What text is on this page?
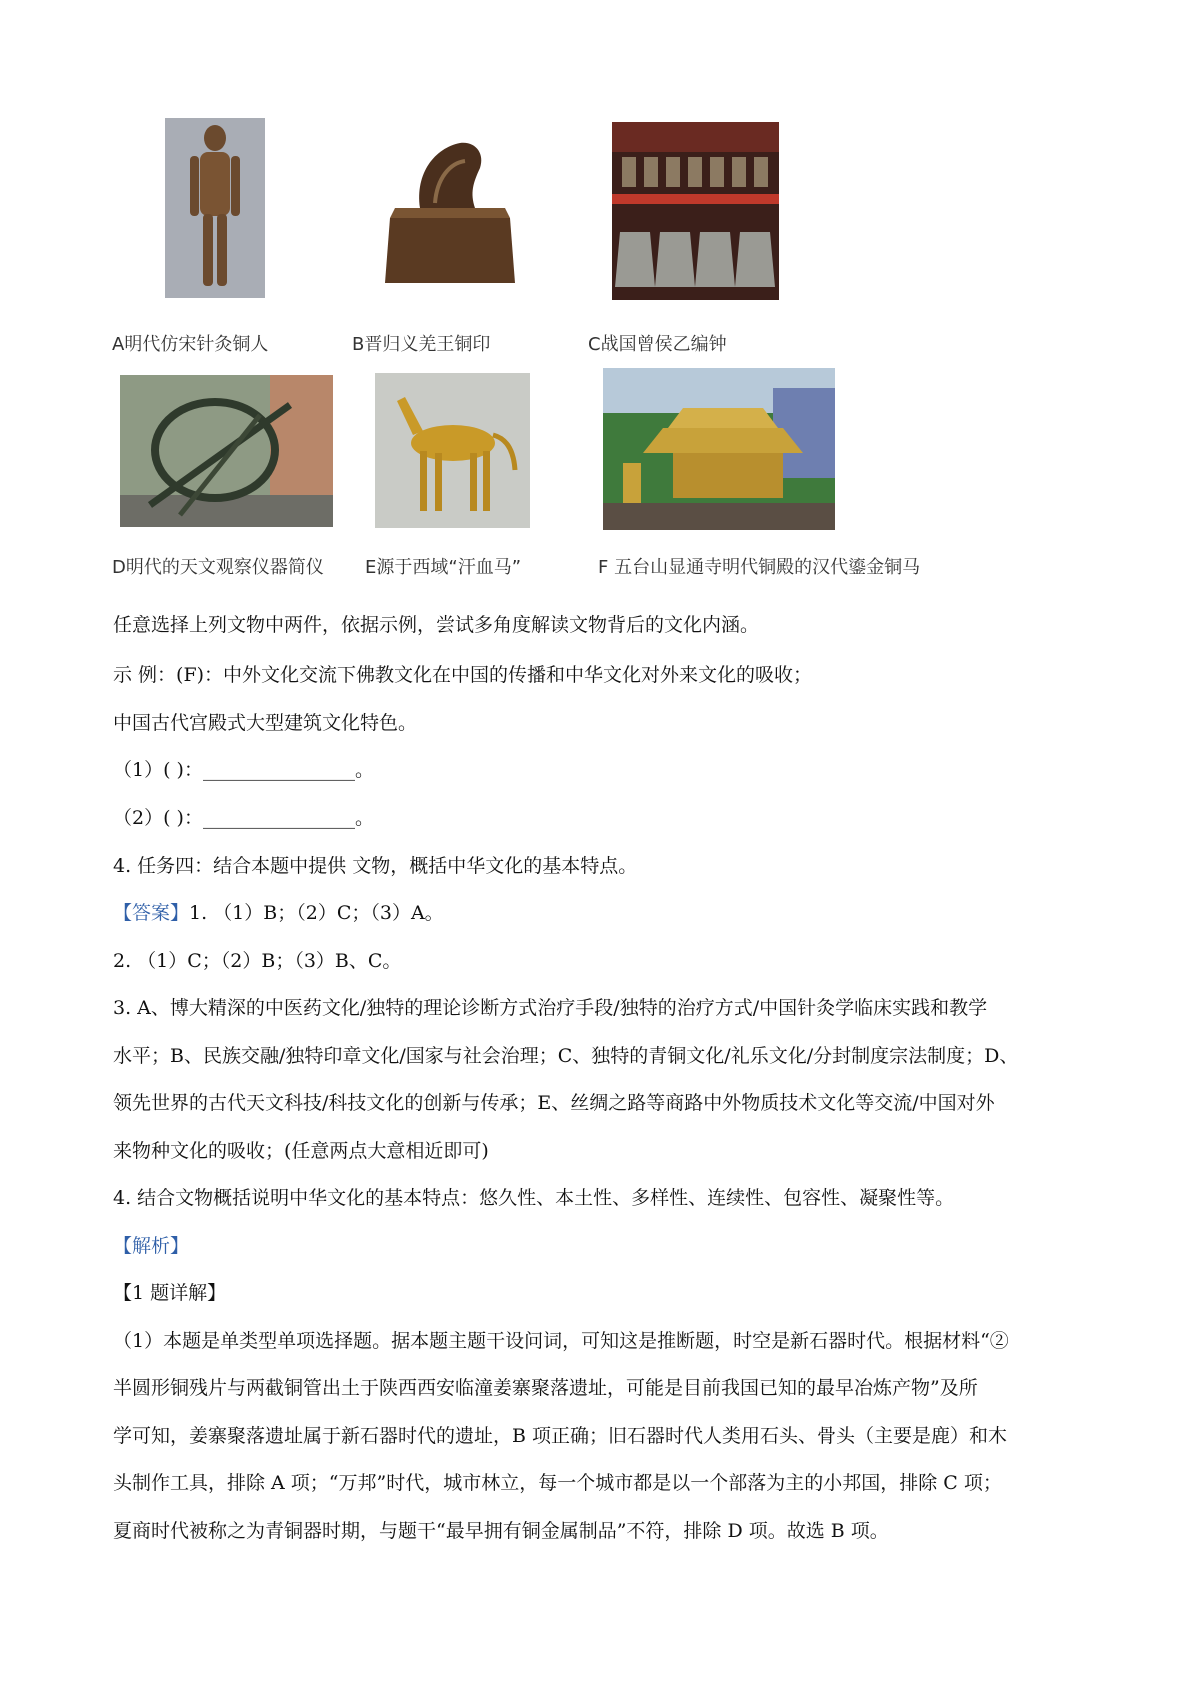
A明代仿宋针灸铜人	B晋归义羌王铜印	C战国曾侯乙编钟
D明代的天文观察仪器简仪 E源于西域“汗血马”	F 五台山显通寺明代铜殿的汉代鎏金铜马
任意选择上列文物中两件，依据示例，尝试多角度解读文物背后的文化内涵。
示 例：(F)：中外文化交流下佛教文化在中国的传播和中华文化对外来文化的吸收；
中国古代宫殿式大型建筑文化特色。
（1）( )：________________。
（2）( )：________________。
4. 任务四：结合本题中提供 文物，概括中华文化的基本特点。
【答案】1. （1）B；（2）C；（3）A。
2. （1）C；（2）B；（3）B、C。
3. A、博大精深的中医药文化/独特的理论诊断方式治疗手段/独特的治疗方式/中国针灸学临床实践和教学
水平；B、民族交融/独特印章文化/国家与社会治理；C、独特的青铜文化/礼乐文化/分封制度宗法制度；D、
领先世界的古代天文科技/科技文化的创新与传承；E、丝绸之路等商路中外物质技术文化等交流/中国对外
来物种文化的吸收；(任意两点大意相近即可)
4. 结合文物概括说明中华文化的基本特点：悠久性、本土性、多样性、连续性、包容性、凝聚性等。
【解析】
【1 题详解】
（1）本题是单类型单项选择题。据本题主题干设问词，可知这是推断题，时空是新石器时代。根据材料“②
半圆形铜残片与两截铜管出土于陕西西安临潼姜寨聚落遗址，可能是目前我国已知的最早冶炼产物”及所
学可知，姜寨聚落遗址属于新石器时代的遗址，B 项正确；旧石器时代人类用石头、骨头（主要是鹿）和木
头制作工具，排除 A 项；“万邦”时代，城市林立，每一个城市都是以一个部落为主的小邦国，排除 C 项；
夏商时代被称之为青铜器时期，与题干“最早拥有铜金属制品”不符，排除 D 项。故选 B 项。
